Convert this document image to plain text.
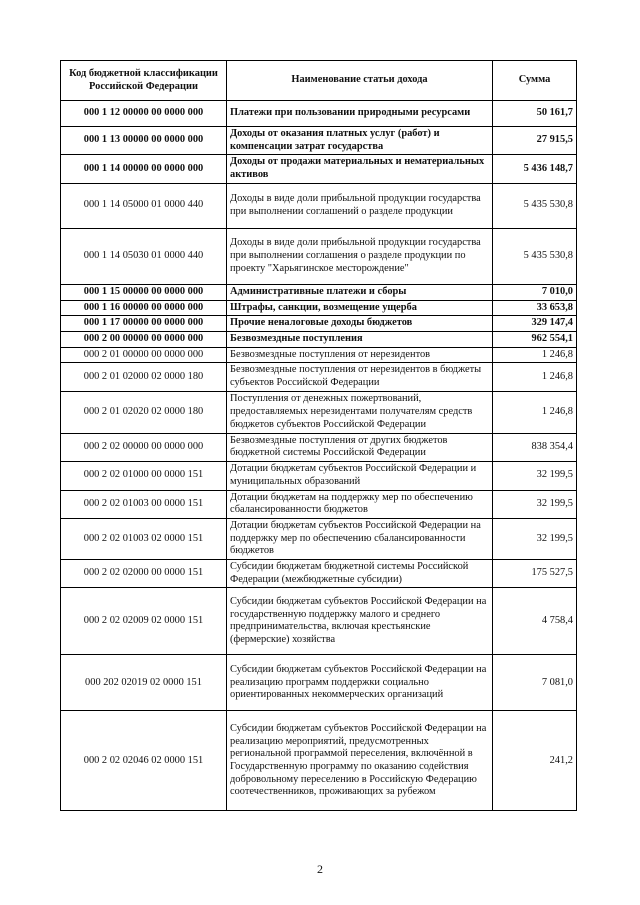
Код бюджетной классификации Российской Федерации	Наименование статьи дохода	Сумма
000 1 12 00000 00 0000 000	Платежи при пользовании природными ресурсами	50 161,7
000 1 13 00000 00 0000 000	Доходы от оказания платных услуг (работ) и компенсации затрат государства	27 915,5
000 1 14 00000 00 0000 000	Доходы от продажи материальных и нематериальных активов	5 436 148,7
000 1 14 05000 01 0000 440	Доходы в виде доли прибыльной продукции государства при выполнении соглашений о разделе продукции	5 435 530,8
000 1 14 05030 01 0000 440	Доходы в виде доли прибыльной продукции государства при выполнении соглашения о разделе продукции по проекту "Харьягинское месторождение"	5 435 530,8
000 1 15 00000 00 0000 000	Административные платежи и сборы	7 010,0
000 1 16 00000 00 0000 000	Штрафы, санкции, возмещение ущерба	33 653,8
000 1 17 00000 00 0000 000	Прочие неналоговые доходы бюджетов	329 147,4
000 2 00 00000 00 0000 000	Безвозмездные поступления	962 554,1
000 2 01 00000 00 0000 000	Безвозмездные поступления от нерезидентов	1 246,8
000 2 01 02000 02 0000 180	Безвозмездные поступления от нерезидентов в бюджеты субъектов Российской Федерации	1 246,8
000 2 01 02020 02 0000 180	Поступления от денежных пожертвований, предоставляемых нерезидентами получателям средств бюджетов субъектов Российской Федерации	1 246,8
000 2 02 00000 00 0000 000	Безвозмездные поступления от других бюджетов бюджетной системы Российской Федерации	838 354,4
000 2 02 01000 00 0000 151	Дотации бюджетам субъектов Российской Федерации и муниципальных образований	32 199,5
000 2 02 01003 00 0000 151	Дотации бюджетам на поддержку мер по обеспечению сбалансированности бюджетов	32 199,5
000 2 02 01003 02 0000 151	Дотации бюджетам субъектов Российской Федерации на поддержку мер по обеспечению сбалансированности бюджетов	32 199,5
000 2 02 02000 00 0000 151	Субсидии бюджетам бюджетной системы Российской Федерации (межбюджетные субсидии)	175 527,5
000 2 02 02009 02 0000 151	Субсидии бюджетам субъектов Российской Федерации на государственную поддержку малого и среднего предпринимательства, включая крестьянские (фермерские) хозяйства	4 758,4
000 202 02019 02 0000 151	Субсидии бюджетам субъектов Российской Федерации на реализацию программ поддержки социально ориентированных некоммерческих организаций	7 081,0
000 2 02 02046 02 0000 151	Субсидии бюджетам субъектов Российской Федерации на реализацию мероприятий, предусмотренных региональной программой переселения, включённой в Государственную программу по оказанию содействия добровольному переселению в Российскую Федерацию соотечественников, проживающих за рубежом	241,2
2
